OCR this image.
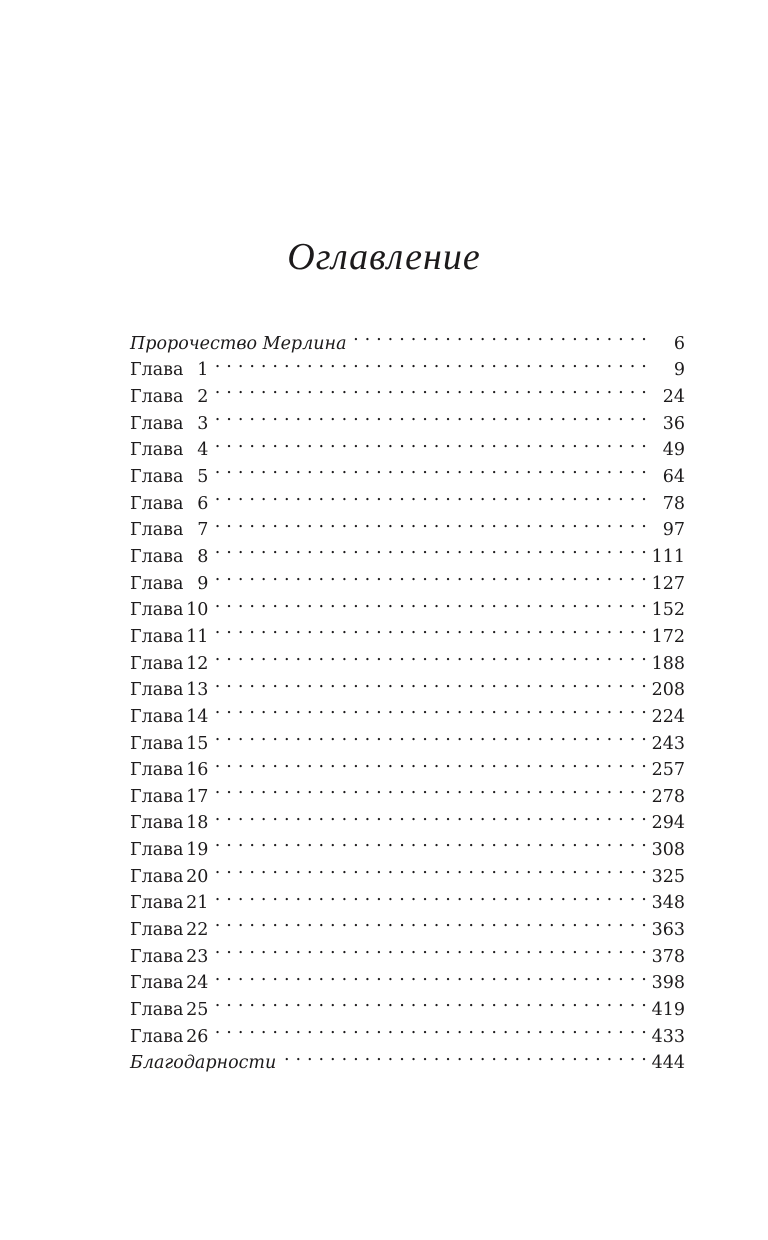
Оглавление
Пророчество Мерлина . . .	6
Глава 1 . . .	9
Глава 2 . . .	24
Глава 3 . . .	36
Глава 4 . . .	49
Глава 5 . . .	64
Глава 6 . . .	78
Глава 7 . . .	97
Глава 8 . . .	111
Глава 9 . . .	127
Глава 10 . . .	152
Глава 11 . . .	172
Глава 12 . . .	188
Глава 13 . . .	208
Глава 14 . . .	224
Глава 15 . . .	243
Глава 16 . . .	257
Глава 17 . . .	278
Глава 18 . . .	294
Глава 19 . . .	308
Глава 20 . . .	325
Глава 21 . . .	348
Глава 22 . . .	363
Глава 23 . . .	378
Глава 24 . . .	398
Глава 25 . . .	419
Глава 26 . . .	433
Благодарности . . .	444
